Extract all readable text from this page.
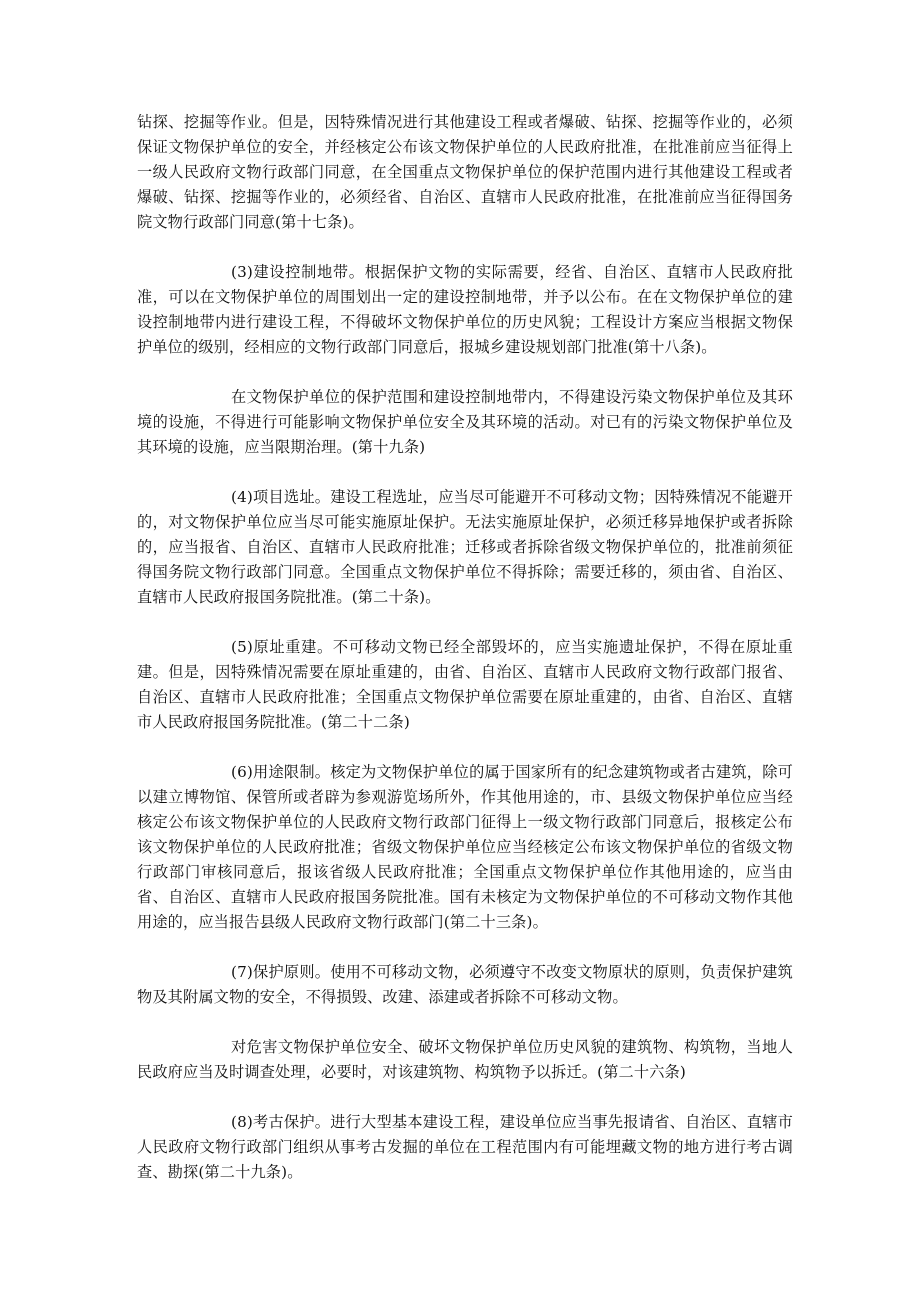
钻探、挖掘等作业。但是，因特殊情况进行其他建设工程或者爆破、钻探、挖掘等作业的，必须保证文物保护单位的安全，并经核定公布该文物保护单位的人民政府批准，在批准前应当征得上一级人民政府文物行政部门同意，在全国重点文物保护单位的保护范围内进行其他建设工程或者爆破、钻探、挖掘等作业的，必须经省、自治区、直辖市人民政府批准，在批准前应当征得国务院文物行政部门同意(第十七条)。

(3)建设控制地带。根据保护文物的实际需要，经省、自治区、直辖市人民政府批准，可以在文物保护单位的周围划出一定的建设控制地带，并予以公布。在在文物保护单位的建设控制地带内进行建设工程，不得破坏文物保护单位的历史风貌；工程设计方案应当根据文物保护单位的级别，经相应的文物行政部门同意后，报城乡建设规划部门批准(第十八条)。

在文物保护单位的保护范围和建设控制地带内，不得建设污染文物保护单位及其环境的设施，不得进行可能影响文物保护单位安全及其环境的活动。对已有的污染文物保护单位及其环境的设施，应当限期治理。(第十九条)

(4)项目选址。建设工程选址，应当尽可能避开不可移动文物；因特殊情况不能避开的，对文物保护单位应当尽可能实施原址保护。无法实施原址保护，必须迁移异地保护或者拆除的，应当报省、自治区、直辖市人民政府批准；迁移或者拆除省级文物保护单位的，批准前须征得国务院文物行政部门同意。全国重点文物保护单位不得拆除；需要迁移的，须由省、自治区、直辖市人民政府报国务院批准。(第二十条)。

(5)原址重建。不可移动文物已经全部毁坏的，应当实施遗址保护，不得在原址重建。但是，因特殊情况需要在原址重建的，由省、自治区、直辖市人民政府文物行政部门报省、自治区、直辖市人民政府批准；全国重点文物保护单位需要在原址重建的，由省、自治区、直辖市人民政府报国务院批准。(第二十二条)

(6)用途限制。核定为文物保护单位的属于国家所有的纪念建筑物或者古建筑，除可以建立博物馆、保管所或者辟为参观游览场所外，作其他用途的，市、县级文物保护单位应当经核定公布该文物保护单位的人民政府文物行政部门征得上一级文物行政部门同意后，报核定公布该文物保护单位的人民政府批准；省级文物保护单位应当经核定公布该文物保护单位的省级文物行政部门审核同意后，报该省级人民政府批准；全国重点文物保护单位作其他用途的，应当由省、自治区、直辖市人民政府报国务院批准。国有未核定为文物保护单位的不可移动文物作其他用途的，应当报告县级人民政府文物行政部门(第二十三条)。

(7)保护原则。使用不可移动文物，必须遵守不改变文物原状的原则，负责保护建筑物及其附属文物的安全，不得损毁、改建、添建或者拆除不可移动文物。

对危害文物保护单位安全、破坏文物保护单位历史风貌的建筑物、构筑物，当地人民政府应当及时调查处理，必要时，对该建筑物、构筑物予以拆迁。(第二十六条)

(8)考古保护。进行大型基本建设工程，建设单位应当事先报请省、自治区、直辖市人民政府文物行政部门组织从事考古发掘的单位在工程范围内有可能埋藏文物的地方进行考古调查、勘探(第二十九条)。
